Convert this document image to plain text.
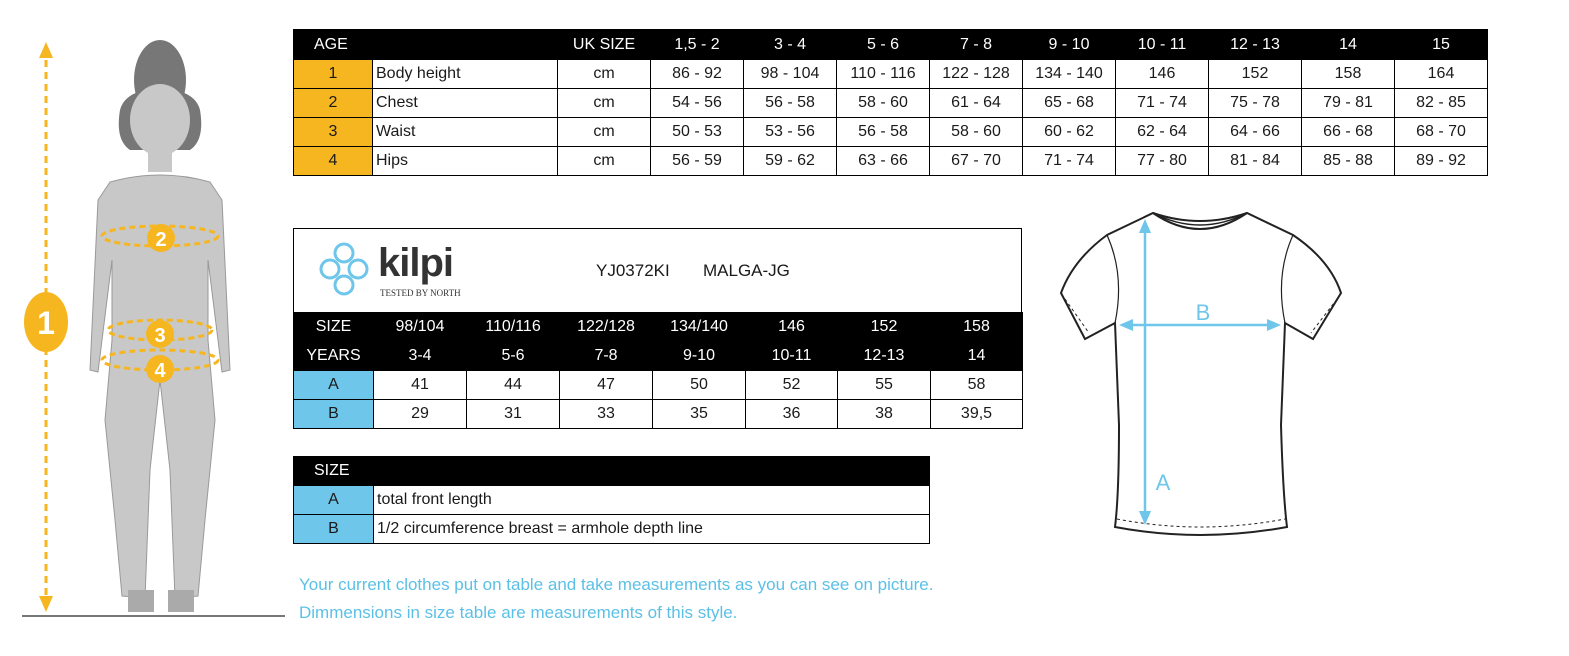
1
2
3
4
AGE		UK SIZE	1,5 - 2	3 - 4	5 - 6	7 - 8	9 - 10	10 - 11	12 - 13	14	15
1	Body height	cm	86 - 92	98 - 104	110 - 116	122 - 128	134 - 140	146	152	158	164
2	Chest	cm	54 - 56	56 - 58	58 - 60	61 - 64	65 - 68	71 - 74	75 - 78	79 - 81	82 - 85
3	Waist	cm	50 - 53	53 - 56	56 - 58	58 - 60	60 - 62	62 - 64	64 - 66	66 - 68	68 - 70
4	Hips	cm	56 - 59	59 - 62	63 - 66	67 - 70	71 - 74	77 - 80	81 - 84	85 - 88	89 - 92
kilpi
TESTED BY NORTH
YJ0372KI MALGA-JG
SIZE	98/104	110/116	122/128	134/140	146	152	158
YEARS	3-4	5-6	7-8	9-10	10-11	12-13	14
A	41	44	47	50	52	55	58
B	29	31	33	35	36	38	39,5
SIZE	
A	total front length
B	1/2 circumference breast = armhole depth line
B
A
Your current clothes put on table and take measurements as you can see on picture.
Dimmensions in size table are measurements of this style.
